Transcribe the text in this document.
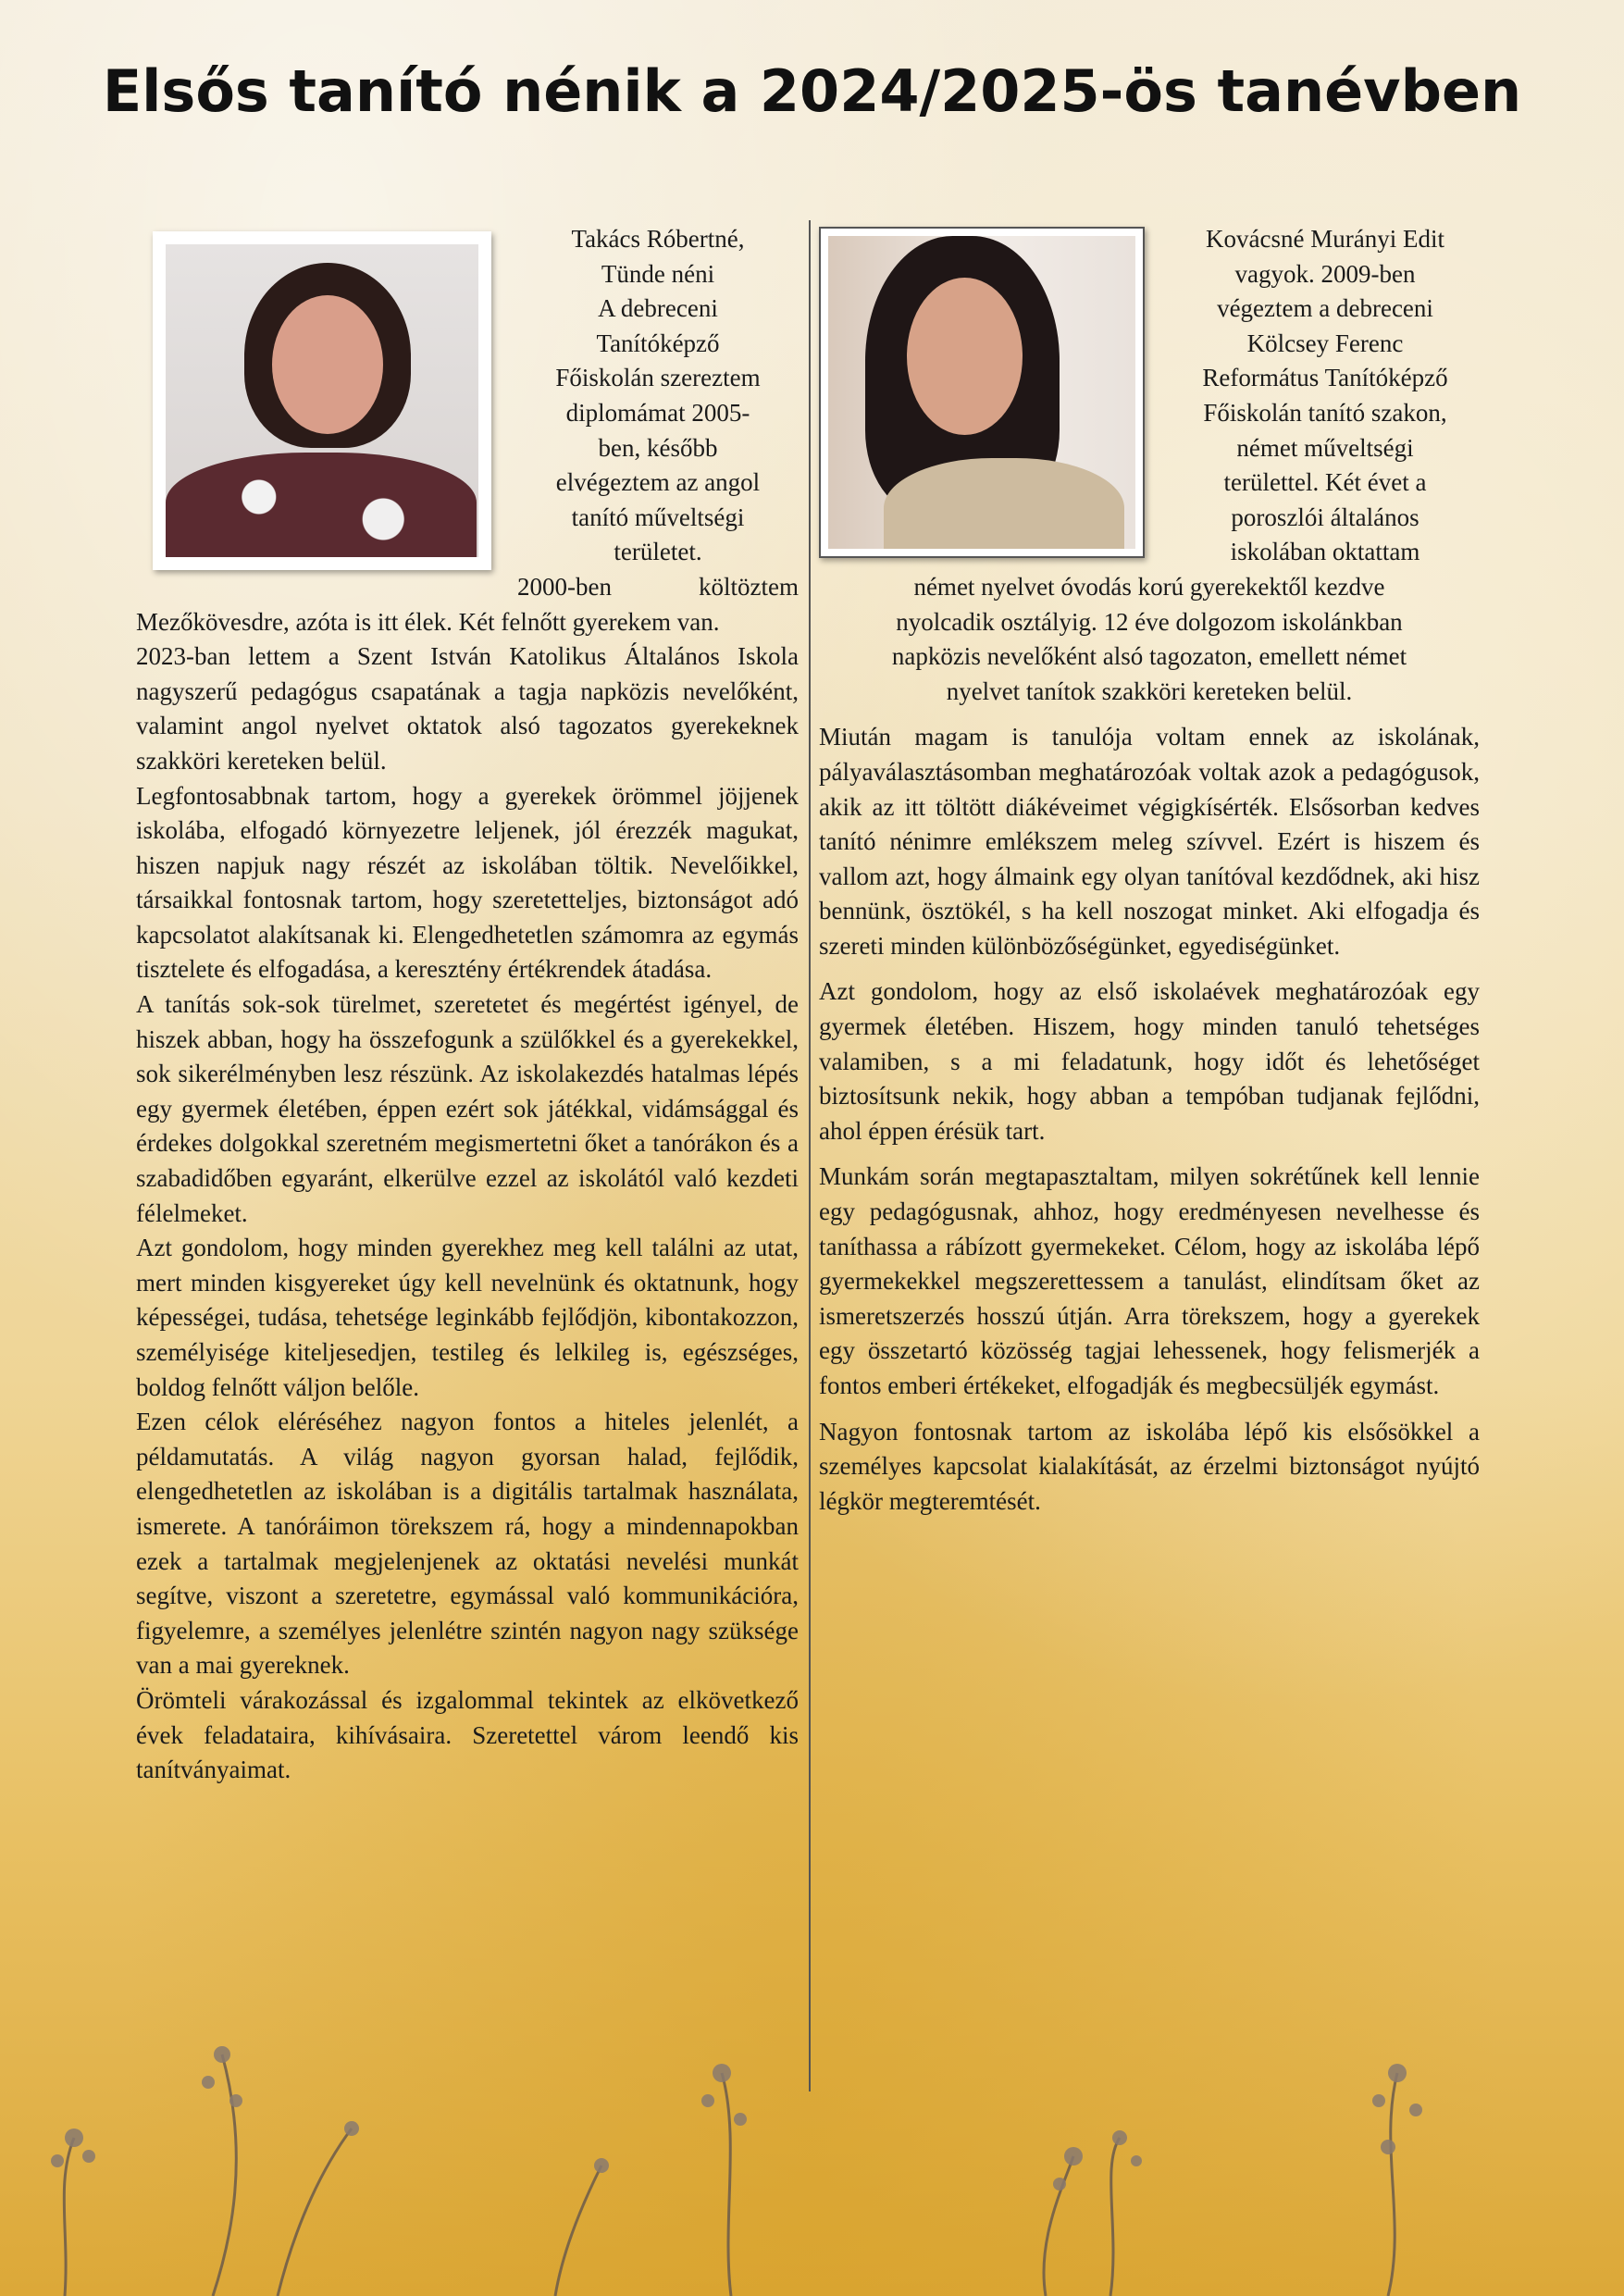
Elsős tanító nénik a 2024/2025-ös tanévben

Takács Róbertné,

Tünde néni

A debreceni

Tanítóképző

Főiskolán szereztem

diplomámat 2005-

ben, később

elvégeztem az angol

tanító műveltségi

területet.

2000-ben költöztem Mezőkövesdre, azóta is itt élek. Két felnőtt gyerekem van.

2023-ban lettem a Szent István Katolikus Általános Iskola nagyszerű pedagógus csapatának a tagja napközis nevelőként, valamint angol nyelvet oktatok alsó tagozatos gyerekeknek szakköri kereteken belül.

Legfontosabbnak tartom, hogy a gyerekek örömmel jöjjenek iskolába, elfogadó környezetre leljenek, jól érezzék magukat, hiszen napjuk nagy részét az iskolában töltik. Nevelőikkel, társaikkal fontosnak tartom, hogy szeretetteljes, biztonságot adó kapcsolatot alakítsanak ki. Elengedhetetlen számomra az egymás tisztelete és elfogadása, a keresztény értékrendek átadása.

A tanítás sok-sok türelmet, szeretetet és megértést igényel, de hiszek abban, hogy ha összefogunk a szülőkkel és a gyerekekkel, sok sikerélményben lesz részünk. Az iskolakezdés hatalmas lépés egy gyermek életében, éppen ezért sok játékkal, vidámsággal és érdekes dolgokkal szeretném megismertetni őket a tanórákon és a szabadidőben egyaránt, elkerülve ezzel az iskolától való kezdeti félelmeket.

Azt gondolom, hogy minden gyerekhez meg kell találni az utat, mert minden kisgyereket úgy kell nevelnünk és oktatnunk, hogy képességei, tudása, tehetsége leginkább fejlődjön, kibontakozzon, személyisége kiteljesedjen, testileg és lelkileg is, egészséges, boldog felnőtt váljon belőle.

Ezen célok eléréséhez nagyon fontos a hiteles jelenlét, a példamutatás. A világ nagyon gyorsan halad, fejlődik, elengedhetetlen az iskolában is a digitális tartalmak használata, ismerete. A tanóráimon törekszem rá, hogy a mindennapokban ezek a tartalmak megjelenjenek az oktatási nevelési munkát segítve, viszont a szeretetre, egymással való kommunikációra, figyelemre, a személyes jelenlétre szintén nagyon nagy szüksége van a mai gyereknek.

Örömteli várakozással és izgalommal tekintek az elkövetkező évek feladataira, kihívásaira. Szeretettel várom leendő kis tanítványaimat.

Kovácsné Murányi Edit

vagyok. 2009-ben

végeztem a debreceni

Kölcsey Ferenc

Református Tanítóképző

Főiskolán tanító szakon,

német műveltségi

területtel. Két évet a

poroszlói általános

iskolában oktattam

német nyelvet óvodás korú gyerekektől kezdve

nyolcadik osztályig. 12 éve dolgozom iskolánkban

napközis nevelőként alsó tagozaton, emellett német

nyelvet tanítok szakköri kereteken belül.

Miután magam is tanulója voltam ennek az iskolának, pályaválasztásomban meghatározóak voltak azok a pedagógusok, akik az itt töltött diákéveimet végigkísérték. Elsősorban kedves tanító nénimre emlékszem meleg szívvel. Ezért is hiszem és vallom azt, hogy álmaink egy olyan tanítóval kezdődnek, aki hisz bennünk, ösztökél, s ha kell noszogat minket. Aki elfogadja és szereti minden különbözőségünket, egyediségünket.

Azt gondolom, hogy az első iskolaévek meghatározóak egy gyermek életében. Hiszem, hogy minden tanuló tehetséges valamiben, s a mi feladatunk, hogy időt és lehetőséget biztosítsunk nekik, hogy abban a tempóban tudjanak fejlődni, ahol éppen érésük tart.

Munkám során megtapasztaltam, milyen sokrétűnek kell lennie egy pedagógusnak, ahhoz, hogy eredményesen nevelhesse és taníthassa a rábízott gyermekeket. Célom, hogy az iskolába lépő gyermekekkel megszerettessem a tanulást, elindítsam őket az ismeretszerzés hosszú útján. Arra törekszem, hogy a gyerekek egy összetartó közösség tagjai lehessenek, hogy felismerjék a fontos emberi értékeket, elfogadják és megbecsüljék egymást.

Nagyon fontosnak tartom az iskolába lépő kis elsősökkel a személyes kapcsolat kialakítását, az érzelmi biztonságot nyújtó légkör megteremtését.
